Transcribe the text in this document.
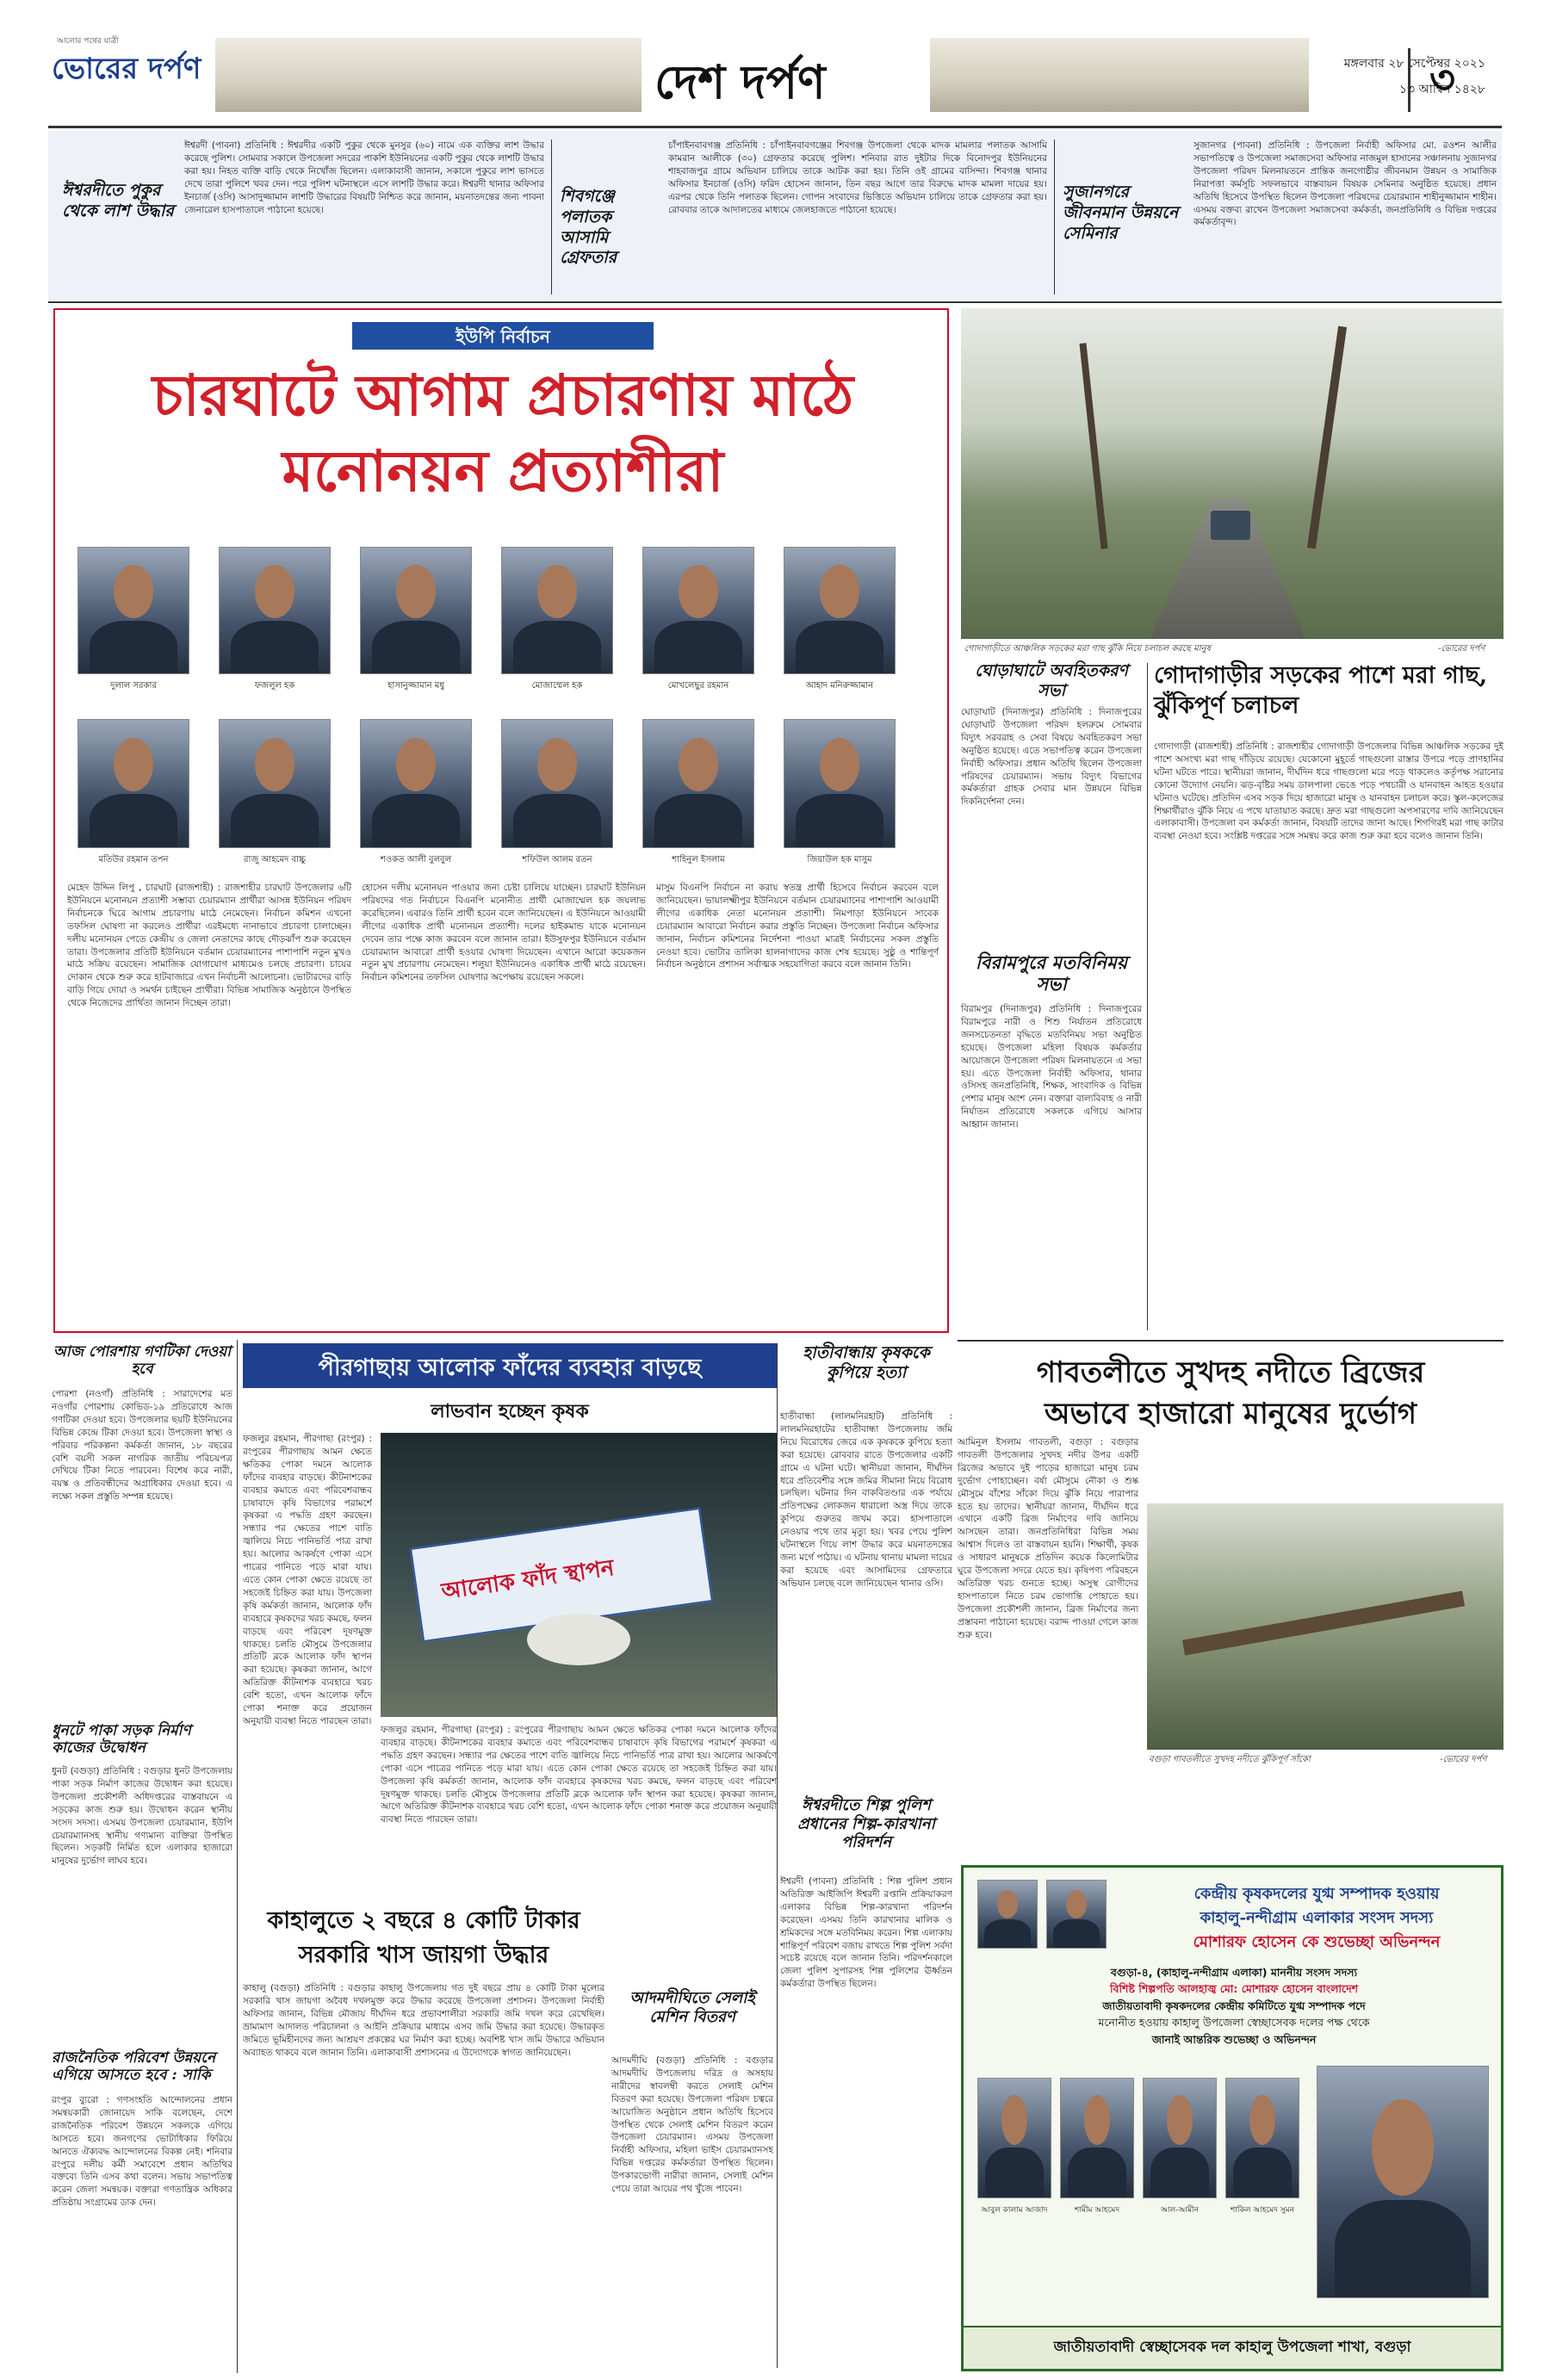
আলোর পথের যাত্রী
ভোরের দর্পণ	দেশ দর্পণ	মঙ্গলবার ২৮ সেপ্টেম্বর ২০২১
১৩ আশ্বিন ১৪২৮
৩
ঈশ্বরদীতে পুকুর থেকে লাশ উদ্ধার
ঈশ্বরদী (পাবনা) প্রতিনিধি : ঈশ্বরদীর একটি পুকুর থেকে মুনসুর (৬০) নামে এক ব্যক্তির লাশ উদ্ধার করেছে পুলিশ। সোমবার সকালে উপজেলা সদরের পাকশি ইউনিয়নের একটি পুকুর থেকে লাশটি উদ্ধার করা হয়। নিহত ব্যক্তি বাড়ি থেকে নিখোঁজ ছিলেন। এলাকাবাসী জানান, সকালে পুকুরে লাশ ভাসতে দেখে তারা পুলিশে খবর দেন। পরে পুলিশ ঘটনাস্থলে এসে লাশটি উদ্ধার করে। ঈশ্বরদী থানার অফিসার ইনচার্জ (ওসি) আসাদুজ্জামান লাশটি উদ্ধারের বিষয়টি নিশ্চিত করে জানান, ময়নাতদন্তের জন্য পাবনা জেনারেল হাসপাতালে পাঠানো হয়েছে।
শিবগঞ্জে পলাতক আসামি গ্রেফতার
চাঁপাইনবাবগঞ্জ প্রতিনিধি : চাঁপাইনবাবগঞ্জের শিবগঞ্জ উপজেলা থেকে মাদক মামলার পলাতক আসামি কামরান আলীকে (৩০) গ্রেফতার করেছে পুলিশ। শনিবার রাত দুইটার দিকে বিনোদপুর ইউনিয়নের শাহবাজপুর গ্রামে অভিযান চালিয়ে তাকে আটক করা হয়। তিনি ওই গ্রামের বাসিন্দা। শিবগঞ্জ থানার অফিসার ইনচার্জ (ওসি) ফরিদ হোসেন জানান, তিন বছর আগে তার বিরুদ্ধে মাদক মামলা দায়ের হয়। এরপর থেকে তিনি পলাতক ছিলেন। গোপন সংবাদের ভিত্তিতে অভিযান চালিয়ে তাকে গ্রেফতার করা হয়। রোববার তাকে আদালতের মাধ্যমে জেলহাজতে পাঠানো হয়েছে।
সুজানগরে জীবনমান উন্নয়নে সেমিনার
সুজানগর (পাবনা) প্রতিনিধি : উপজেলা নির্বাহী অফিসার মো. রওশন আলীর সভাপতিত্বে ও উপজেলা সমাজসেবা অফিসার নাজমুল হাসানের সঞ্চালনায় সুজানগর উপজেলা পরিষদ মিলনায়তনে প্রান্তিক জনগোষ্ঠীর জীবনমান উন্নয়ন ও সামাজিক নিরাপত্তা কর্মসূচি সফলভাবে বাস্তবায়ন বিষয়ক সেমিনার অনুষ্ঠিত হয়েছে। প্রধান অতিথি হিসেবে উপস্থিত ছিলেন উপজেলা পরিষদের চেয়ারম্যান শাহীনুজ্জামান শাহীন। এসময় বক্তব্য রাখেন উপজেলা সমাজসেবা কর্মকর্তা, জনপ্রতিনিধি ও বিভিন্ন দপ্তরের কর্মকর্তাবৃন্দ।
ইউপি নির্বাচন
চারঘাটে আগাম প্রচারণায় মাঠে
মনোনয়ন প্রত্যাশীরা
দুলাল সরকার	ফজলুল হক	হাসানুজ্জামান মধু	মোজাম্মেল হক	মোখলেছুর রহমান	আহাদ মনিরুজ্জামান
মতিউর রহমান তপন	রাজু আহমেদ বাচ্চু	শওকত আলী বুলবুল	শফিউল আলম রতন	শাহিনুল ইসলাম	জিয়াউল হক মাসুম
মেহেদ উদ্দিন লিপু , চারঘাট (রাজশাহী) : রাজশাহীর চারঘাট উপজেলার ৬টি ইউনিয়নে মনোনয়ন প্রত্যাশী সম্ভাব্য চেয়ারম্যান প্রার্থীরা আসন্ন ইউনিয়ন পরিষদ নির্বাচনকে ঘিরে আগাম প্রচারণায় মাঠে নেমেছেন। নির্বাচন কমিশন এখনো তফসিল ঘোষণা না করলেও প্রার্থীরা এরইমধ্যে নানাভাবে প্রচারণা চালাচ্ছেন। দলীয় মনোনয়ন পেতে কেন্দ্রীয় ও জেলা নেতাদের কাছে দৌড়ঝাঁপ শুরু করেছেন তারা। উপজেলার প্রতিটি ইউনিয়নে বর্তমান চেয়ারম্যানের পাশাপাশি নতুন মুখও মাঠে সক্রিয় রয়েছেন। সামাজিক যোগাযোগ মাধ্যমেও চলছে প্রচারণা। চায়ের দোকান থেকে শুরু করে হাটবাজারে এখন নির্বাচনী আলোচনা। ভোটারদের বাড়ি বাড়ি গিয়ে দোয়া ও সমর্থন চাইছেন প্রার্থীরা। বিভিন্ন সামাজিক অনুষ্ঠানে উপস্থিত থেকে নিজেদের প্রার্থিতা জানান দিচ্ছেন তারা।
হোসেন দলীয় মনোনয়ন পাওয়ার জন্য চেষ্টা চালিয়ে যাচ্ছেন। চারঘাট ইউনিয়ন পরিষদের গত নির্বাচনে বিএনপি মনোনীত প্রার্থী মোজাম্মেল হক জয়লাভ করেছিলেন। এবারও তিনি প্রার্থী হবেন বলে জানিয়েছেন। এ ইউনিয়নে আওয়ামী লীগের একাধিক প্রার্থী মনোনয়ন প্রত্যাশী। দলের হাইকমান্ড যাকে মনোনয়ন দেবেন তার পক্ষে কাজ করবেন বলে জানান তারা। ইউসুফপুর ইউনিয়নে বর্তমান চেয়ারম্যান আবারো প্রার্থী হওয়ার ঘোষণা দিয়েছেন। এখানে আরো কয়েকজন নতুন মুখ প্রচারণায় নেমেছেন। শলুয়া ইউনিয়নেও একাধিক প্রার্থী মাঠে রয়েছেন। নির্বাচন কমিশনের তফসিল ঘোষণার অপেক্ষায় রয়েছেন সকলে।
মাসুম বিএনপি নির্বাচন না করায় স্বতন্ত্র প্রার্থী হিসেবে নির্বাচন করবেন বলে জানিয়েছেন। ভায়ালক্ষ্মীপুর ইউনিয়নে বর্তমান চেয়ারম্যানের পাশাপাশি আওয়ামী লীগের একাধিক নেতা মনোনয়ন প্রত্যাশী। নিমপাড়া ইউনিয়নে সাবেক চেয়ারম্যান আবারো নির্বাচন করার প্রস্তুতি নিচ্ছেন। উপজেলা নির্বাচন অফিসার জানান, নির্বাচন কমিশনের নির্দেশনা পাওয়া মাত্রই নির্বাচনের সকল প্রস্তুতি নেওয়া হবে। ভোটার তালিকা হালনাগাদের কাজ শেষ হয়েছে। সুষ্ঠু ও শান্তিপূর্ণ নির্বাচন অনুষ্ঠানে প্রশাসন সর্বাত্মক সহযোগিতা করবে বলে জানান তিনি।
গোদাগাড়ীতে আঞ্চলিক সড়কের মরা গাছ ঝুঁকি নিয়ে চলাচল করছে মানুষ	-ভোরের দর্পণ
ঘোড়াঘাটে অবহিতকরণ সভা
ঘোড়াঘাট (দিনাজপুর) প্রতিনিধি : দিনাজপুরের ঘোড়াঘাট উপজেলা পরিষদ হলরুমে সোমবার বিদ্যুৎ সরবরাহ ও সেবা বিষয়ে অবহিতকরণ সভা অনুষ্ঠিত হয়েছে। এতে সভাপতিত্ব করেন উপজেলা নির্বাহী অফিসার। প্রধান অতিথি ছিলেন উপজেলা পরিষদের চেয়ারম্যান। সভায় বিদ্যুৎ বিভাগের কর্মকর্তারা গ্রাহক সেবার মান উন্নয়নে বিভিন্ন দিকনির্দেশনা দেন।
বিরামপুরে মতবিনিময় সভা
বিরামপুর (দিনাজপুর) প্রতিনিধি : দিনাজপুরের বিরামপুরে নারী ও শিশু নির্যাতন প্রতিরোধে জনসচেতনতা বৃদ্ধিতে মতবিনিময় সভা অনুষ্ঠিত হয়েছে। উপজেলা মহিলা বিষয়ক কর্মকর্তার আয়োজনে উপজেলা পরিষদ মিলনায়তনে এ সভা হয়। এতে উপজেলা নির্বাহী অফিসার, থানার ওসিসহ জনপ্রতিনিধি, শিক্ষক, সাংবাদিক ও বিভিন্ন পেশার মানুষ অংশ নেন। বক্তারা বাল্যবিবাহ ও নারী নির্যাতন প্রতিরোধে সকলকে এগিয়ে আসার আহ্বান জানান।
গোদাগাড়ীর সড়কের পাশে মরা গাছ, ঝুঁকিপূর্ণ চলাচল
গোদাগাড়ী (রাজশাহী) প্রতিনিধি : রাজশাহীর গোদাগাড়ী উপজেলার বিভিন্ন আঞ্চলিক সড়কের দুই পাশে অসংখ্য মরা গাছ দাঁড়িয়ে রয়েছে। যেকোনো মুহূর্তে গাছগুলো রাস্তার উপরে পড়ে প্রাণহানির ঘটনা ঘটতে পারে। স্থানীয়রা জানান, দীর্ঘদিন ধরে গাছগুলো মরে পড়ে থাকলেও কর্তৃপক্ষ সরানোর কোনো উদ্যোগ নেয়নি। ঝড়-বৃষ্টির সময় ডালপালা ভেঙে পড়ে পথচারী ও যানবাহন আহত হওয়ার ঘটনাও ঘটেছে। প্রতিদিন এসব সড়ক দিয়ে হাজারো মানুষ ও যানবাহন চলাচল করে। স্কুল-কলেজের শিক্ষার্থীরাও ঝুঁকি নিয়ে এ পথে যাতায়াত করছে। দ্রুত মরা গাছগুলো অপসারণের দাবি জানিয়েছেন এলাকাবাসী। উপজেলা বন কর্মকর্তা জানান, বিষয়টি তাদের জানা আছে। শিগগিরই মরা গাছ কাটার ব্যবস্থা নেওয়া হবে। সংশ্লিষ্ট দপ্তরের সঙ্গে সমন্বয় করে কাজ শুরু করা হবে বলেও জানান তিনি।
গাবতলীতে সুখদহ নদীতে ব্রিজের
অভাবে হাজারো মানুষের দুর্ভোগ
আমিনুল ইসলাম গাবতলী, বগুড়া : বগুড়ার গাবতলী উপজেলার সুখদহ নদীর উপর একটি ব্রিজের অভাবে দুই পাড়ের হাজারো মানুষ চরম দুর্ভোগ পোহাচ্ছেন। বর্ষা মৌসুমে নৌকা ও শুষ্ক মৌসুমে বাঁশের সাঁকো দিয়ে ঝুঁকি নিয়ে পারাপার হতে হয় তাদের। স্থানীয়রা জানান, দীর্ঘদিন ধরে এখানে একটি ব্রিজ নির্মাণের দাবি জানিয়ে আসছেন তারা। জনপ্রতিনিধিরা বিভিন্ন সময় আশ্বাস দিলেও তা বাস্তবায়ন হয়নি। শিক্ষার্থী, কৃষক ও সাধারণ মানুষকে প্রতিদিন কয়েক কিলোমিটার ঘুরে উপজেলা সদরে যেতে হয়। কৃষিপণ্য পরিবহনে অতিরিক্ত খরচ গুনতে হচ্ছে। অসুস্থ রোগীদের হাসপাতালে নিতে চরম ভোগান্তি পোহাতে হয়। উপজেলা প্রকৌশলী জানান, ব্রিজ নির্মাণের জন্য প্রস্তাবনা পাঠানো হয়েছে। বরাদ্দ পাওয়া গেলে কাজ শুরু হবে।
বগুড়া গাবতলীতে সুখদহ নদীতে ঝুঁকিপূর্ণ সাঁকো	-ভোরের দর্পণ
আজ পোরশায় গণটিকা দেওয়া হবে
পোরশা (নওগাঁ) প্রতিনিধি : সারাদেশের মত নওগাঁর পোরশায় কোভিড-১৯ প্রতিরোধে আজ গণটিকা দেওয়া হবে। উপজেলার ছয়টি ইউনিয়নের বিভিন্ন কেন্দ্রে টিকা দেওয়া হবে। উপজেলা স্বাস্থ্য ও পরিবার পরিকল্পনা কর্মকর্তা জানান, ১৮ বছরের বেশি বয়সী সকল নাগরিক জাতীয় পরিচয়পত্র দেখিয়ে টিকা নিতে পারবেন। বিশেষ করে নারী, বয়স্ক ও প্রতিবন্ধীদের অগ্রাধিকার দেওয়া হবে। এ লক্ষ্যে সকল প্রস্তুতি সম্পন্ন হয়েছে।
ধুনটে পাকা সড়ক নির্মাণ কাজের উদ্বোধন
ধুনট (বগুড়া) প্রতিনিধি : বগুড়ার ধুনট উপজেলায় পাকা সড়ক নির্মাণ কাজের উদ্বোধন করা হয়েছে। উপজেলা প্রকৌশলী অধিদপ্তরের বাস্তবায়নে এ সড়কের কাজ শুরু হয়। উদ্বোধন করেন স্থানীয় সংসদ সদস্য। এসময় উপজেলা চেয়ারম্যান, ইউপি চেয়ারম্যানসহ স্থানীয় গণ্যমান্য ব্যক্তিরা উপস্থিত ছিলেন। সড়কটি নির্মিত হলে এলাকার হাজারো মানুষের দুর্ভোগ লাঘব হবে।
রাজনৈতিক পরিবেশ উন্নয়নে এগিয়ে আসতে হবে : সাকি
রংপুর ব্যুরো : গণসংহতি আন্দোলনের প্রধান সমন্বয়কারী জোনায়েদ সাকি বলেছেন, দেশে রাজনৈতিক পরিবেশ উন্নয়নে সকলকে এগিয়ে আসতে হবে। জনগণের ভোটাধিকার ফিরিয়ে আনতে ঐক্যবদ্ধ আন্দোলনের বিকল্প নেই। শনিবার রংপুরে দলীয় কর্মী সমাবেশে প্রধান অতিথির বক্তব্যে তিনি এসব কথা বলেন। সভায় সভাপতিত্ব করেন জেলা সমন্বয়ক। বক্তারা গণতান্ত্রিক অধিকার প্রতিষ্ঠায় সংগ্রামের ডাক দেন।
পীরগাছায় আলোক ফাঁদের ব্যবহার বাড়ছে
লাভবান হচ্ছেন কৃষক
ফজলুর রহমান, পীরগাছা (রংপুর) : রংপুরের পীরগাছায় আমন ক্ষেতে ক্ষতিকর পোকা দমনে আলোক ফাঁদের ব্যবহার বাড়ছে। কীটনাশকের ব্যবহার কমাতে এবং পরিবেশবান্ধব চাষাবাদে কৃষি বিভাগের পরামর্শে কৃষকরা এ পদ্ধতি গ্রহণ করছেন। সন্ধ্যার পর ক্ষেতের পাশে বাতি জ্বালিয়ে নিচে পানিভর্তি পাত্র রাখা হয়। আলোর আকর্ষণে পোকা এসে পাত্রের পানিতে পড়ে মারা যায়। এতে কোন পোকা ক্ষেতে রয়েছে তা সহজেই চিহ্নিত করা যায়। উপজেলা কৃষি কর্মকর্তা জানান, আলোক ফাঁদ ব্যবহারে কৃষকদের খরচ কমছে, ফলন বাড়ছে এবং পরিবেশ দূষণমুক্ত থাকছে। চলতি মৌসুমে উপজেলার প্রতিটি ব্লকে আলোক ফাঁদ স্থাপন করা হয়েছে। কৃষকরা জানান, আগে অতিরিক্ত কীটনাশক ব্যবহারে খরচ বেশি হতো, এখন আলোক ফাঁদে পোকা শনাক্ত করে প্রয়োজন অনুযায়ী ব্যবস্থা নিতে পারছেন তারা।
আলোক ফাঁদ স্থাপন
ফজলুর রহমান, পীরগাছা (রংপুর) : রংপুরের পীরগাছায় আমন ক্ষেতে ক্ষতিকর পোকা দমনে আলোক ফাঁদের ব্যবহার বাড়ছে। কীটনাশকের ব্যবহার কমাতে এবং পরিবেশবান্ধব চাষাবাদে কৃষি বিভাগের পরামর্শে কৃষকরা এ পদ্ধতি গ্রহণ করছেন। সন্ধ্যার পর ক্ষেতের পাশে বাতি জ্বালিয়ে নিচে পানিভর্তি পাত্র রাখা হয়। আলোর আকর্ষণে পোকা এসে পাত্রের পানিতে পড়ে মারা যায়। এতে কোন পোকা ক্ষেতে রয়েছে তা সহজেই চিহ্নিত করা যায়। উপজেলা কৃষি কর্মকর্তা জানান, আলোক ফাঁদ ব্যবহারে কৃষকদের খরচ কমছে, ফলন বাড়ছে এবং পরিবেশ দূষণমুক্ত থাকছে। চলতি মৌসুমে উপজেলার প্রতিটি ব্লকে আলোক ফাঁদ স্থাপন করা হয়েছে। কৃষকরা জানান, আগে অতিরিক্ত কীটনাশক ব্যবহারে খরচ বেশি হতো, এখন আলোক ফাঁদে পোকা শনাক্ত করে প্রয়োজন অনুযায়ী ব্যবস্থা নিতে পারছেন তারা।
হাতীবান্ধায় কৃষককে কুপিয়ে হত্যা
হাতীবান্ধা (লালমনিরহাট) প্রতিনিধি : লালমনিরহাটের হাতীবান্ধা উপজেলায় জমি নিয়ে বিরোধের জেরে এক কৃষককে কুপিয়ে হত্যা করা হয়েছে। রোববার রাতে উপজেলার একটি গ্রামে এ ঘটনা ঘটে। স্থানীয়রা জানান, দীর্ঘদিন ধরে প্রতিবেশীর সঙ্গে জমির সীমানা নিয়ে বিরোধ চলছিল। ঘটনার দিন বাকবিতণ্ডার এক পর্যায়ে প্রতিপক্ষের লোকজন ধারালো অস্ত্র দিয়ে তাকে কুপিয়ে গুরুতর জখম করে। হাসপাতালে নেওয়ার পথে তার মৃত্যু হয়। খবর পেয়ে পুলিশ ঘটনাস্থলে গিয়ে লাশ উদ্ধার করে ময়নাতদন্তের জন্য মর্গে পাঠায়। এ ঘটনায় থানায় মামলা দায়ের করা হয়েছে এবং আসামিদের গ্রেফতারে অভিযান চলছে বলে জানিয়েছেন থানার ওসি।
ঈশ্বরদীতে শিল্প পুলিশ প্রধানের শিল্প-কারখানা পরিদর্শন
ঈশ্বরদী (পাবনা) প্রতিনিধি : শিল্প পুলিশ প্রধান অতিরিক্ত আইজিপি ঈশ্বরদী রপ্তানি প্রক্রিয়াকরণ এলাকার বিভিন্ন শিল্প-কারখানা পরিদর্শন করেছেন। এসময় তিনি কারখানার মালিক ও শ্রমিকদের সঙ্গে মতবিনিময় করেন। শিল্প এলাকায় শান্তিপূর্ণ পরিবেশ বজায় রাখতে শিল্প পুলিশ সর্বদা সচেষ্ট রয়েছে বলে জানান তিনি। পরিদর্শনকালে জেলা পুলিশ সুপারসহ শিল্প পুলিশের ঊর্ধ্বতন কর্মকর্তারা উপস্থিত ছিলেন।
কাহালুতে ২ বছরে ৪ কোটি টাকার
সরকারি খাস জায়গা উদ্ধার
কাহালু (বগুড়া) প্রতিনিধি : বগুড়ার কাহালু উপজেলায় গত দুই বছরে প্রায় ৪ কোটি টাকা মূল্যের সরকারি খাস জায়গা অবৈধ দখলমুক্ত করে উদ্ধার করেছে উপজেলা প্রশাসন। উপজেলা নির্বাহী অফিসার জানান, বিভিন্ন মৌজায় দীর্ঘদিন ধরে প্রভাবশালীরা সরকারি জমি দখল করে রেখেছিল। ভ্রাম্যমাণ আদালত পরিচালনা ও আইনি প্রক্রিয়ার মাধ্যমে এসব জমি উদ্ধার করা হয়েছে। উদ্ধারকৃত জমিতে ভূমিহীনদের জন্য আশ্রয়ণ প্রকল্পের ঘর নির্মাণ করা হচ্ছে। অবশিষ্ট খাস জমি উদ্ধারে অভিযান অব্যাহত থাকবে বলে জানান তিনি। এলাকাবাসী প্রশাসনের এ উদ্যোগকে স্বাগত জানিয়েছেন।
আদমদীঘিতে সেলাই মেশিন বিতরণ
আদমদীঘি (বগুড়া) প্রতিনিধি : বগুড়ার আদমদীঘি উপজেলায় দরিদ্র ও অসহায় নারীদের স্বাবলম্বী করতে সেলাই মেশিন বিতরণ করা হয়েছে। উপজেলা পরিষদ চত্বরে আয়োজিত অনুষ্ঠানে প্রধান অতিথি হিসেবে উপস্থিত থেকে সেলাই মেশিন বিতরণ করেন উপজেলা চেয়ারম্যান। এসময় উপজেলা নির্বাহী অফিসার, মহিলা ভাইস চেয়ারম্যানসহ বিভিন্ন দপ্তরের কর্মকর্তারা উপস্থিত ছিলেন। উপকারভোগী নারীরা জানান, সেলাই মেশিন পেয়ে তারা আয়ের পথ খুঁজে পাবেন।
কেন্দ্রীয় কৃষকদলের যুগ্ম সম্পাদক হওয়ায়
কাহালু-নন্দীগ্রাম এলাকার সংসদ সদস্য
মোশারফ হোসেন কে শুভেচ্ছা অভিনন্দন
বগুড়া-৪, (কাহালু-নন্দীগ্রাম এলাকা) মাননীয় সংসদ সদস্য
বিশিষ্ট শিল্পপতি আলহাজ্ব মো: মোশারফ হোসেন বাংলাদেশ
জাতীয়তাবাদী কৃষকদলের কেন্দ্রীয় কমিটিতে যুগ্ম সম্পাদক পদে
মনোনীত হওয়ায় কাহালু উপজেলা স্বেচ্ছাসেবক দলের পক্ষ থেকে
জানাই আন্তরিক শুভেচ্ছা ও অভিনন্দন
আবুল কালাম আজাদ	শামীম আহমেদ	আল-আমীন	শাকিল আহমেদ সুমন
জাতীয়তাবাদী স্বেচ্ছাসেবক দল কাহালু উপজেলা শাখা, বগুড়া
